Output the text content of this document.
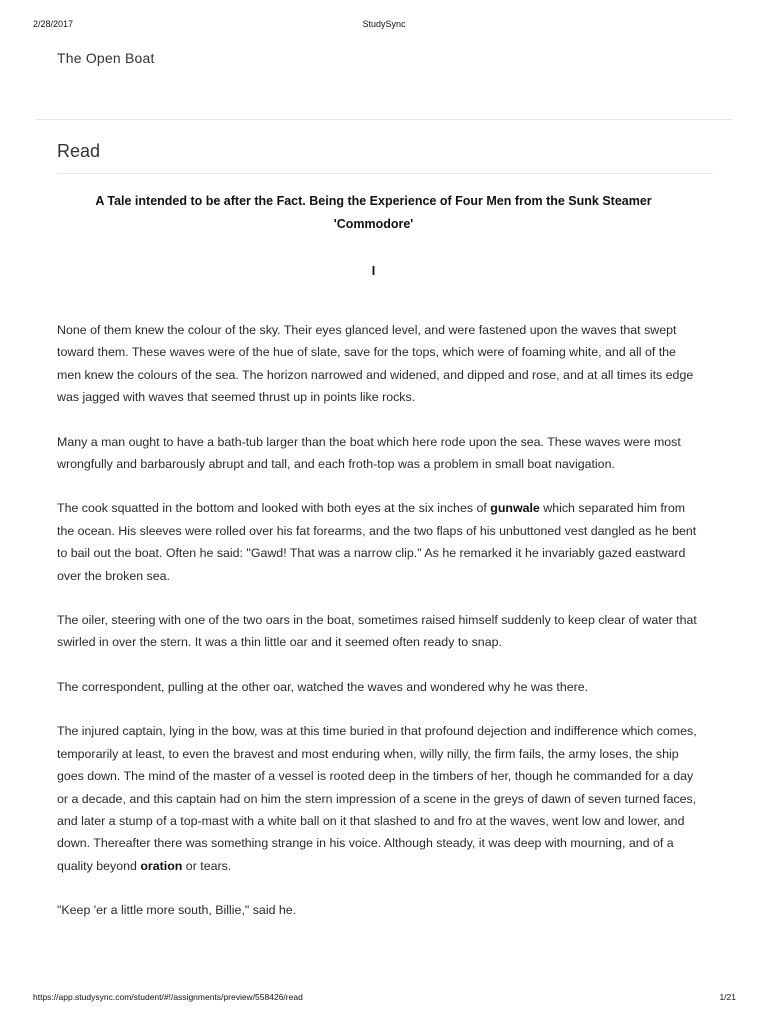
2/28/2017	StudySync
The Open Boat
Read
A Tale intended to be after the Fact. Being the Experience of Four Men from the Sunk Steamer 'Commodore'
I

None of them knew the colour of the sky. Their eyes glanced level, and were fastened upon the waves that swept toward them. These waves were of the hue of slate, save for the tops, which were of foaming white, and all of the men knew the colours of the sea. The horizon narrowed and widened, and dipped and rose, and at all times its edge was jagged with waves that seemed thrust up in points like rocks.

Many a man ought to have a bath-tub larger than the boat which here rode upon the sea. These waves were most wrongfully and barbarously abrupt and tall, and each froth-top was a problem in small boat navigation.

The cook squatted in the bottom and looked with both eyes at the six inches of gunwale which separated him from the ocean. His sleeves were rolled over his fat forearms, and the two flaps of his unbuttoned vest dangled as he bent to bail out the boat. Often he said: "Gawd! That was a narrow clip." As he remarked it he invariably gazed eastward over the broken sea.

The oiler, steering with one of the two oars in the boat, sometimes raised himself suddenly to keep clear of water that swirled in over the stern. It was a thin little oar and it seemed often ready to snap.

The correspondent, pulling at the other oar, watched the waves and wondered why he was there.

The injured captain, lying in the bow, was at this time buried in that profound dejection and indifference which comes, temporarily at least, to even the bravest and most enduring when, willy nilly, the firm fails, the army loses, the ship goes down. The mind of the master of a vessel is rooted deep in the timbers of her, though he commanded for a day or a decade, and this captain had on him the stern impression of a scene in the greys of dawn of seven turned faces, and later a stump of a top-mast with a white ball on it that slashed to and fro at the waves, went low and lower, and down. Thereafter there was something strange in his voice. Although steady, it was deep with mourning, and of a quality beyond oration or tears.

"Keep 'er a little more south, Billie," said he.

https://app.studysync.com/student/#!/assignments/preview/558426/read	1/21
